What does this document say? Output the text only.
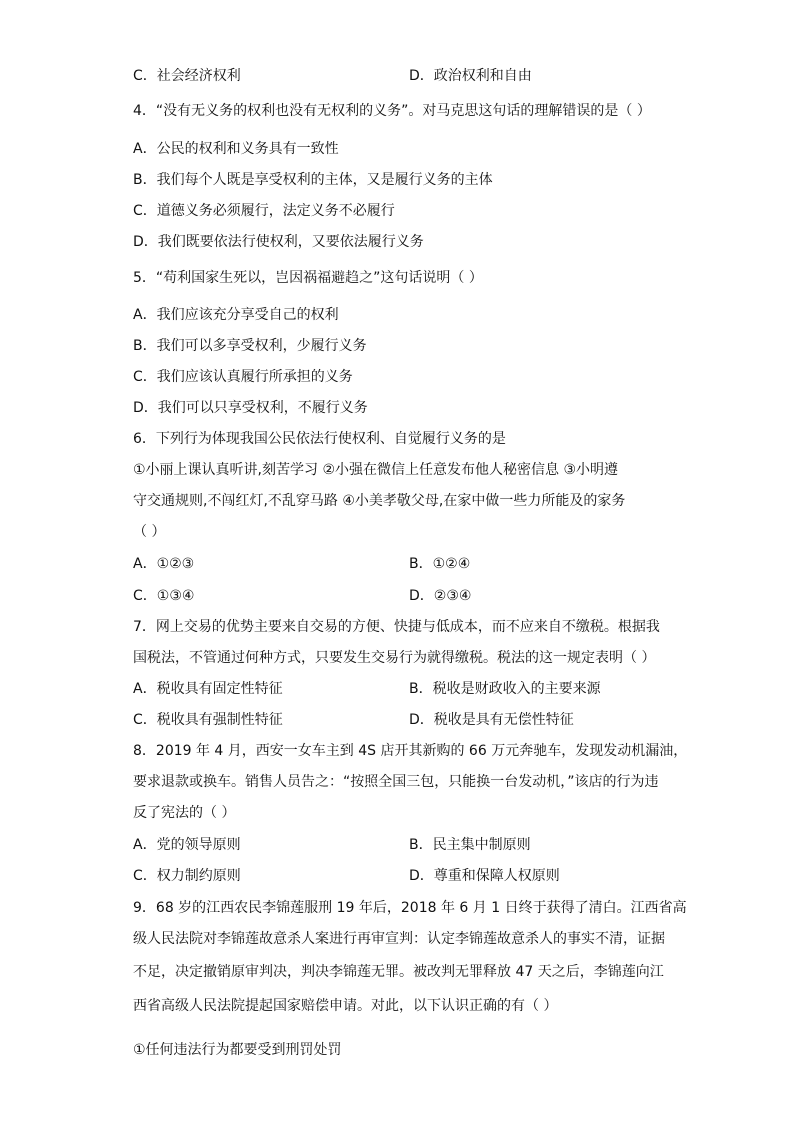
C．社会经济权利	D．政治权利和自由
4．“没有无义务的权利也没有无权利的义务”。对马克思这句话的理解错误的是（ ）
A．公民的权利和义务具有一致性
B．我们每个人既是享受权利的主体，又是履行义务的主体
C．道德义务必须履行，法定义务不必履行
D．我们既要依法行使权利，又要依法履行义务
5．“苟利国家生死以，岂因祸福避趋之”这句话说明（ ）
A．我们应该充分享受自己的权利
B．我们可以多享受权利，少履行义务
C．我们应该认真履行所承担的义务
D．我们可以只享受权利，不履行义务
6．下列行为体现我国公民依法行使权利、自觉履行义务的是
①小丽上课认真听讲,刻苦学习 ②小强在微信上任意发布他人秘密信息 ③小明遵
守交通规则,不闯红灯,不乱穿马路 ④小美孝敬父母,在家中做一些力所能及的家务
（ ）
A．①②③	B．①②④
C．①③④	D．②③④
7．网上交易的优势主要来自交易的方便、快捷与低成本，而不应来自不缴税。根据我
国税法，不管通过何种方式，只要发生交易行为就得缴税。税法的这一规定表明（ ）
A．税收具有固定性特征	B．税收是财政收入的主要来源
C．税收具有强制性特征	D．税收是具有无偿性特征
8．2019 年 4 月，西安一女车主到 4S 店开其新购的 66 万元奔驰车，发现发动机漏油，
要求退款或换车。销售人员告之：“按照全国三包，只能换一台发动机，”该店的行为违
反了宪法的（ ）
A．党的领导原则	B．民主集中制原则
C．权力制约原则	D．尊重和保障人权原则
9．68 岁的江西农民李锦莲服刑 19 年后，2018 年 6 月 1 日终于获得了清白。江西省高
级人民法院对李锦莲故意杀人案进行再审宣判：认定李锦莲故意杀人的事实不清，证据
不足，决定撤销原审判决，判决李锦莲无罪。被改判无罪释放 47 天之后，李锦莲向江
西省高级人民法院提起国家赔偿申请。对此，以下认识正确的有（ ）
①任何违法行为都要受到刑罚处罚
